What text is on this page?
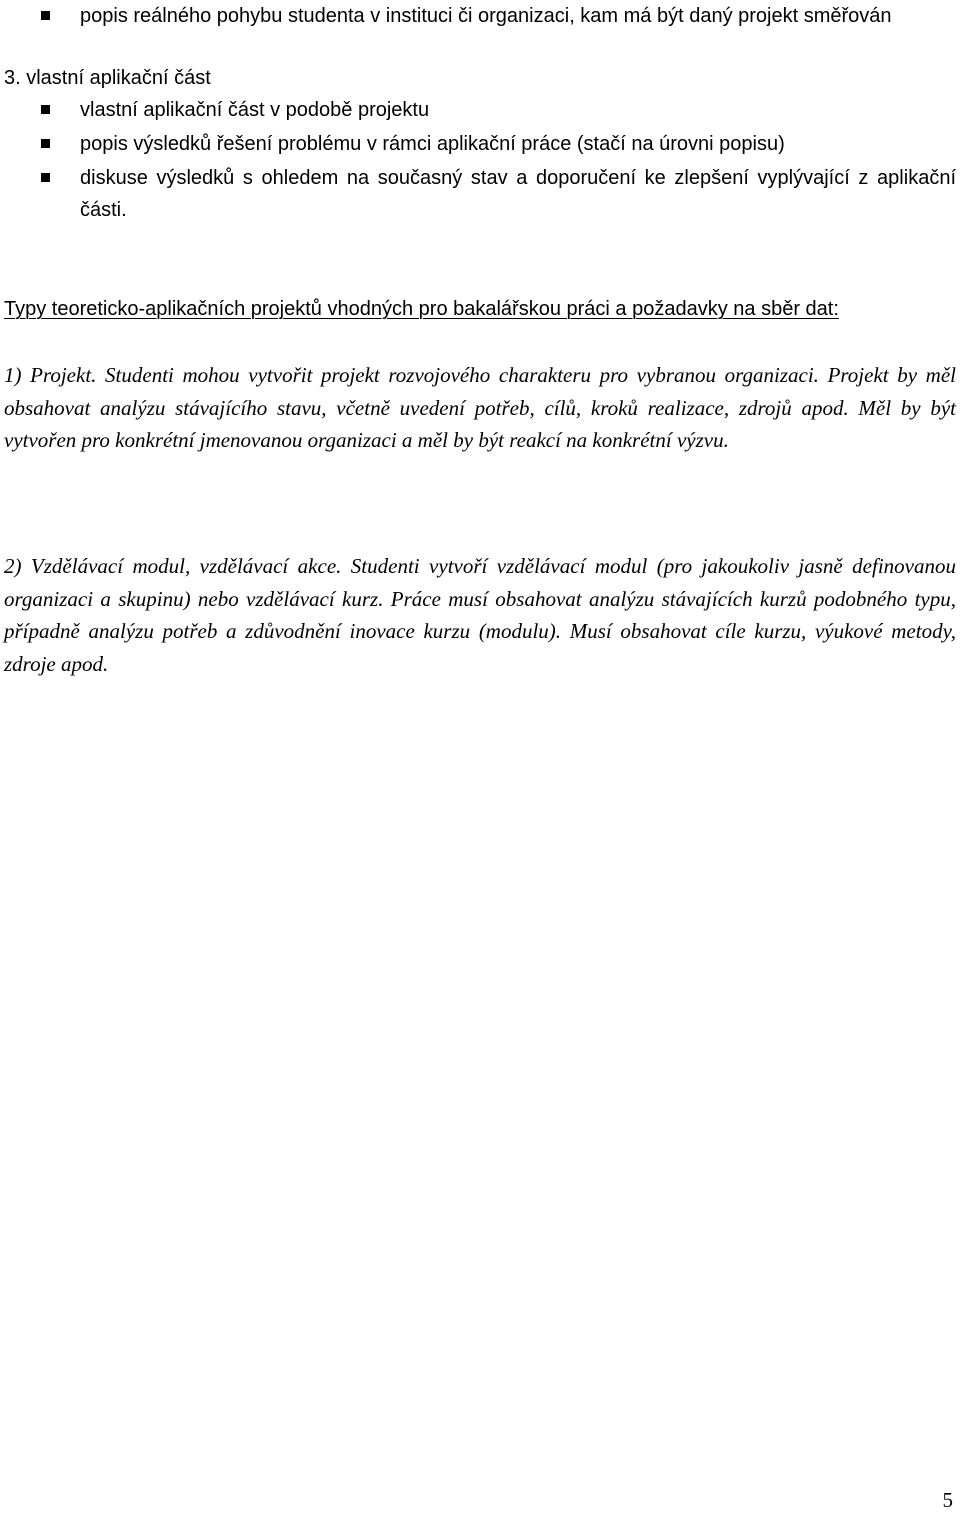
popis reálného pohybu studenta v instituci či organizaci, kam má být daný projekt směřován
3. vlastní aplikační část
vlastní aplikační část v podobě projektu
popis výsledků řešení problému v rámci aplikační práce (stačí na úrovni popisu)
diskuse výsledků s ohledem na současný stav a doporučení ke zlepšení vyplývající z aplikační části.
Typy teoreticko-aplikačních projektů vhodných pro bakalářskou práci a požadavky na sběr dat:

1) Projekt. Studenti mohou vytvořit projekt rozvojového charakteru pro vybranou organizaci. Projekt by měl obsahovat analýzu stávajícího stavu, včetně uvedení potřeb, cílů, kroků realizace, zdrojů apod. Měl by být vytvořen pro konkrétní jmenovanou organizaci a měl by být reakcí na konkrétní výzvu.

2) Vzdělávací modul, vzdělávací akce. Studenti vytvoří vzdělávací modul (pro jakoukoliv jasně definovanou organizaci a skupinu) nebo vzdělávací kurz. Práce musí obsahovat analýzu stávajících kurzů podobného typu, případně analýzu potřeb a zdůvodnění inovace kurzu (modulu). Musí obsahovat cíle kurzu, výukové metody, zdroje apod.

5
